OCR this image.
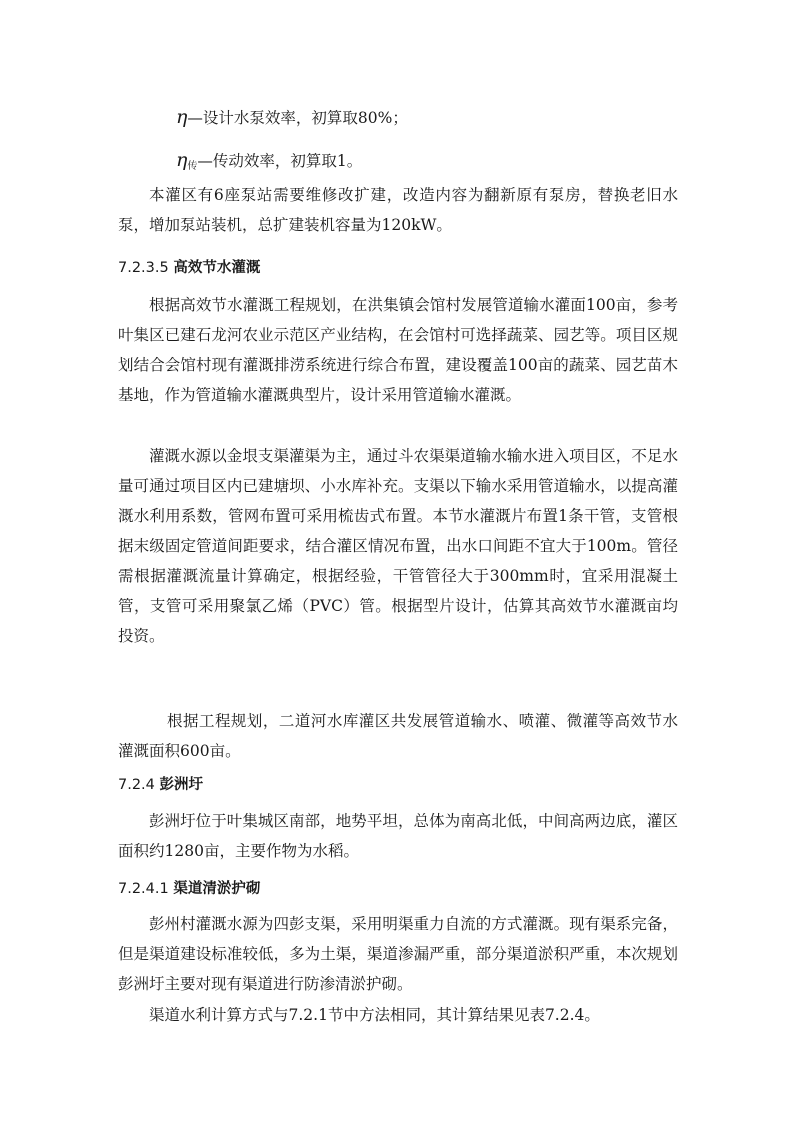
η—设计水泵效率，初算取80%；
$\eta_传—$传动效率，初算取1。
本灌区有6座泵站需要维修改扩建，改造内容为翻新原有泵房，替换老旧水泵，增加泵站装机，总扩建装机容量为120kW。
7.2.3.5 高效节水灌溉
根据高效节水灌溉工程规划，在洪集镇会馆村发展管道输水灌面100亩，参考叶集区已建石龙河农业示范区产业结构，在会馆村可选择蔬菜、园艺等。项目区规划结合会馆村现有灌溉排涝系统进行综合布置，建设覆盖100亩的蔬菜、园艺苗木基地，作为管道输水灌溉典型片，设计采用管道输水灌溉。
灌溉水源以金垠支渠灌渠为主，通过斗农渠渠道输水输水进入项目区，不足水量可通过项目区内已建塘坝、小水库补充。支渠以下输水采用管道输水，以提高灌溉水利用系数，管网布置可采用梳齿式布置。本节水灌溉片布置1条干管，支管根据末级固定管道间距要求，结合灌区情况布置，出水口间距不宜大于100m。管径需根据灌溉流量计算确定，根据经验，干管管径大于300mm时，宜采用混凝土管，支管可采用聚氯乙烯（PVC）管。根据型片设计，估算其高效节水灌溉亩均投资。
根据工程规划，二道河水库灌区共发展管道输水、喷灌、微灌等高效节水灌溉面积600亩。
7.2.4 彭洲圩
彭洲圩位于叶集城区南部，地势平坦，总体为南高北低，中间高两边底，灌区面积约1280亩，主要作物为水稻。
7.2.4.1 渠道清淤护砌
彭州村灌溉水源为四彭支渠，采用明渠重力自流的方式灌溉。现有渠系完备，但是渠道建设标准较低，多为土渠，渠道渗漏严重，部分渠道淤积严重，本次规划彭洲圩主要对现有渠道进行防渗清淤护砌。
渠道水利计算方式与7.2.1节中方法相同，其计算结果见表7.2.4。
